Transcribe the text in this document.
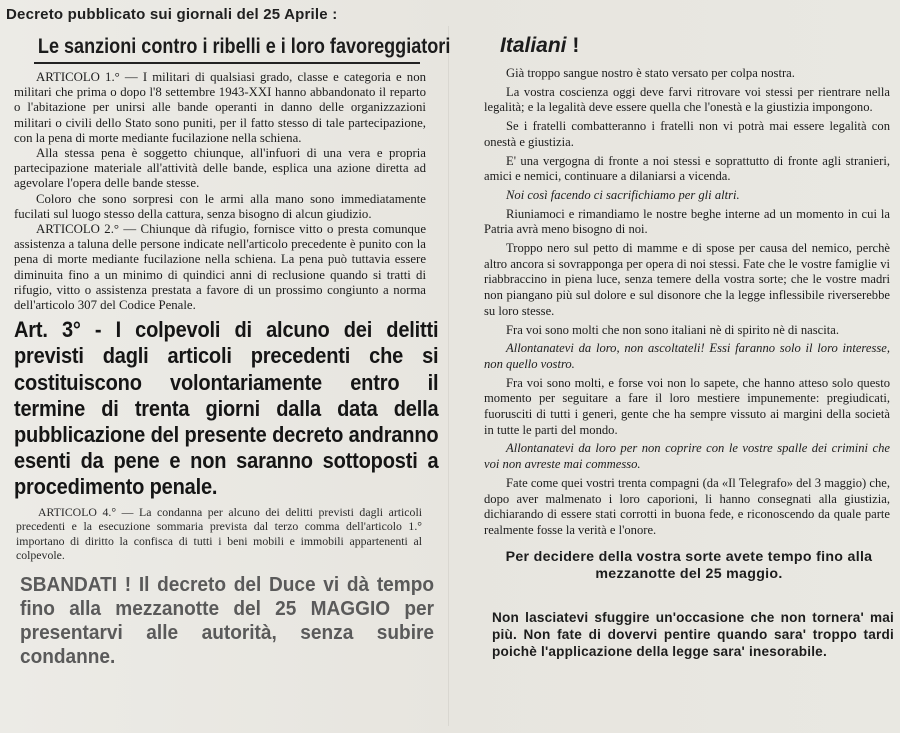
Decreto pubblicato sui giornali del 25 Aprile :
Le sanzioni contro i ribelli e i loro favoreggiatori

ARTICOLO 1.° — I militari di qualsiasi grado, classe e categoria e non militari che prima o dopo l'8 settembre 1943-XXI hanno abbandonato il reparto o l'abitazione per unirsi alle bande operanti in danno delle organizzazioni militari o civili dello Stato sono puniti, per il fatto stesso di tale partecipazione, con la pena di morte mediante fucilazione nella schiena.

Alla stessa pena è soggetto chiunque, all'infuori di una vera e propria partecipazione materiale all'attività delle bande, esplica una azione diretta ad agevolare l'opera delle bande stesse.

Coloro che sono sorpresi con le armi alla mano sono immediatamente fucilati sul luogo stesso della cattura, senza bisogno di alcun giudizio.

ARTICOLO 2.° — Chiunque dà rifugio, fornisce vitto o presta comunque assistenza a taluna delle persone indicate nell'articolo precedente è punito con la pena di morte mediante fucilazione nella schiena. La pena può tuttavia essere diminuita fino a un minimo di quindici anni di reclusione quando si tratti di rifugio, vitto o assistenza prestata a favore di un prossimo congiunto a norma dell'articolo 307 del Codice Penale.

Art. 3° - I colpevoli di alcuno dei delitti previsti dagli articoli precedenti che si costituiscono volontariamente entro il termine di trenta giorni dalla data della pubblicazione del presente decreto andranno esenti da pene e non saranno sottoposti a procedimento penale.

ARTICOLO 4.° — La condanna per alcuno dei delitti previsti dagli articoli precedenti e la esecuzione sommaria prevista dal terzo comma dell'articolo 1.° importano di diritto la confisca di tutti i beni mobili e immobili appartenenti al colpevole.

SBANDATI ! Il decreto del Duce vi dà tempo fino alla mezzanotte del 25 MAGGIO per presentarvi alle autorità, senza subire condanne.
Italiani !

Già troppo sangue nostro è stato versato per colpa nostra.

La vostra coscienza oggi deve farvi ritrovare voi stessi per rientrare nella legalità; e la legalità deve essere quella che l'onestà e la giustizia impongono.

Se i fratelli combatteranno i fratelli non vi potrà mai essere legalità con onestà e giustizia.

E' una vergogna di fronte a noi stessi e soprattutto di fronte agli stranieri, amici e nemici, continuare a dilaniarsi a vicenda.

Noi così facendo ci sacrifichiamo per gli altri.

Riuniamoci e rimandiamo le nostre beghe interne ad un momento in cui la Patria avrà meno bisogno di noi.

Troppo nero sul petto di mamme e di spose per causa del nemico, perchè altro ancora si sovrapponga per opera di noi stessi. Fate che le vostre famiglie vi riabbraccino in piena luce, senza temere della vostra sorte; che le vostre madri non piangano più sul dolore e sul disonore che la legge inflessibile riverserebbe su loro stesse.

Fra voi sono molti che non sono italiani nè di spirito nè di nascita.

Allontanatevi da loro, non ascoltateli! Essi faranno solo il loro interesse, non quello vostro.

Fra voi sono molti, e forse voi non lo sapete, che hanno atteso solo questo momento per seguitare a fare il loro mestiere impunemente: pregiudicati, fuorusciti di tutti i generi, gente che ha sempre vissuto ai margini della società in tutte le parti del mondo.

Allontanatevi da loro per non coprire con le vostre spalle dei crimini che voi non avreste mai commesso.

Fate come quei vostri trenta compagni (da «Il Telegrafo» del 3 maggio) che, dopo aver malmenato i loro caporioni, li hanno consegnati alla giustizia, dichiarando di essere stati corrotti in buona fede, e riconoscendo da quale parte realmente fosse la verità e l'onore.

Per decidere della vostra sorte avete tempo fino alla mezzanotte del 25 maggio.
Non lasciatevi sfuggire un'occasione che non tornera' mai più. Non fate di dovervi pentire quando sara' troppo tardi poichè l'applicazione della legge sara' inesorabile.
